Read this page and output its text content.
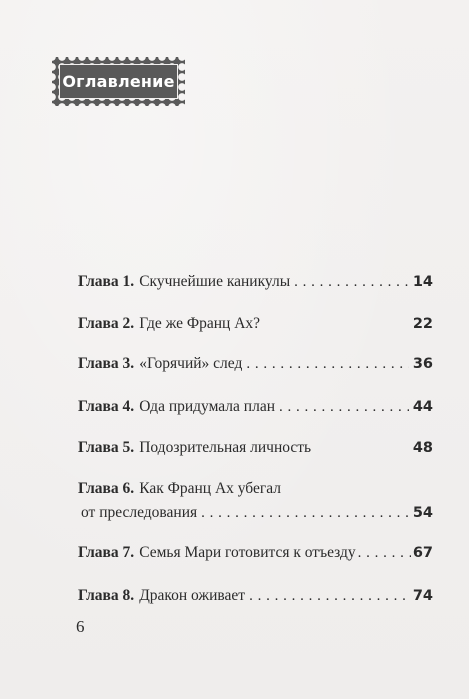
Оглавление
Глава 1. Скучнейшие каникулы . . .	14
Глава 2. Где же Франц Ах?	22
Глава 3. «Горячий» след . . .	36
Глава 4. Ода придумала план . . .	44
Глава 5. Подозрительная личность	48
Глава 6. Как Франц Ах убегал
от преследования . . .	54
Глава 7. Семья Мари готовится к отъезду . . .	67
Глава 8. Дракон оживает . . .	74
6
